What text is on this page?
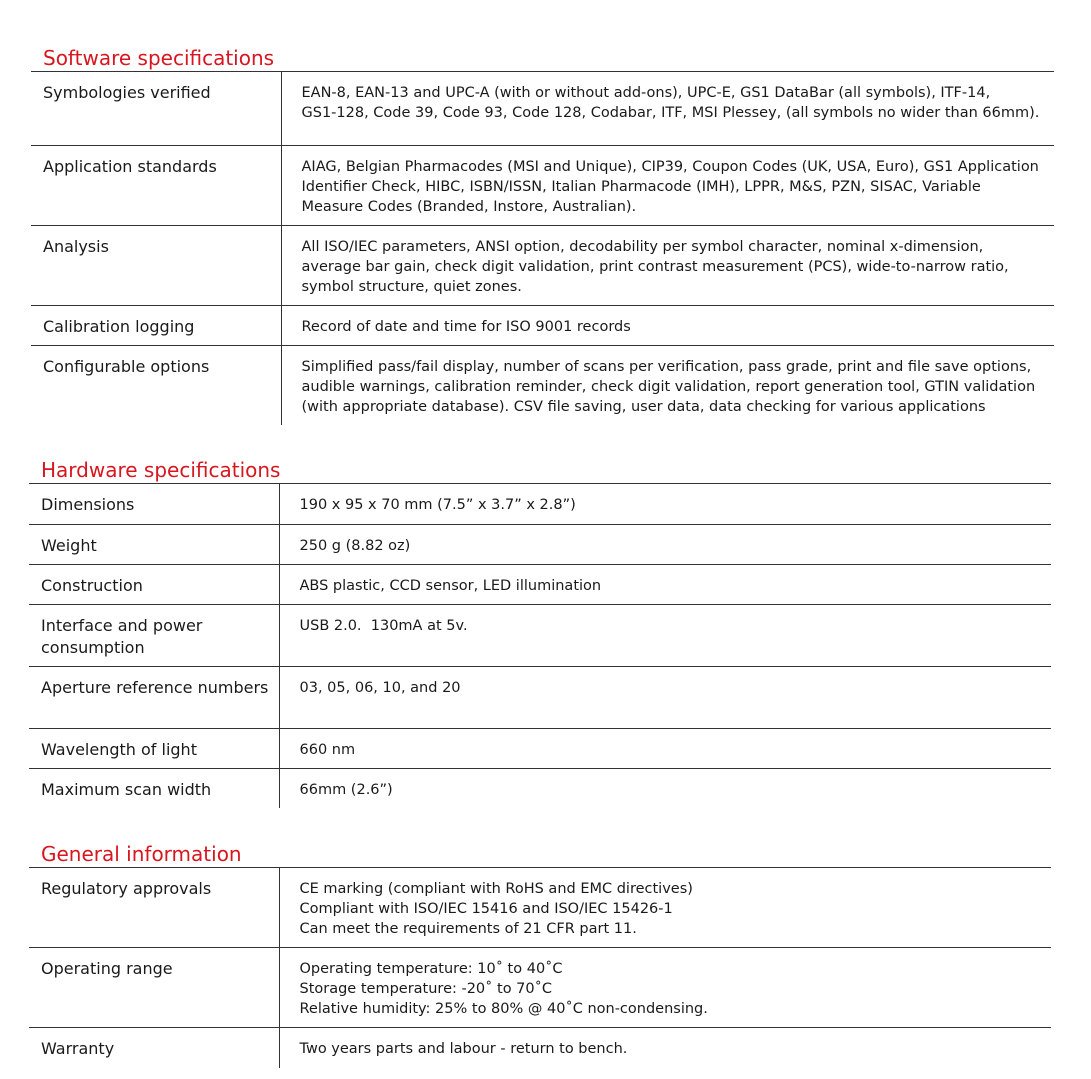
Software specifications
Symbologies verified	EAN-8, EAN-13 and UPC-A (with or without add-ons), UPC-E, GS1 DataBar (all symbols), ITF-14,
GS1-128, Code 39, Code 93, Code 128, Codabar, ITF, MSI Plessey, (all symbols no wider than 66mm).

Application standards	AIAG, Belgian Pharmacodes (MSI and Unique), CIP39, Coupon Codes (UK, USA, Euro), GS1 Application
Identifier Check, HIBC, ISBN/ISSN, Italian Pharmacode (IMH), LPPR, M&S, PZN, SISAC, Variable
Measure Codes (Branded, Instore, Australian).

Analysis	All ISO/IEC parameters, ANSI option, decodability per symbol character, nominal x-dimension,
average bar gain, check digit validation, print contrast measurement (PCS), wide-to-narrow ratio,
symbol structure, quiet zones.

Calibration logging	Record of date and time for ISO 9001 records

Configurable options	Simplified pass/fail display, number of scans per verification, pass grade, print and file save options,
audible warnings, calibration reminder, check digit validation, report generation tool, GTIN validation
(with appropriate database). CSV file saving, user data, data checking for various applications
Hardware specifications
Dimensions	190 x 95 x 70 mm (7.5” x 3.7” x 2.8”)

Weight	250 g (8.82 oz)

Construction	ABS plastic, CCD sensor, LED illumination

Interface and power consumption	USB 2.0.  130mA at 5v.

Aperture reference numbers	03, 05, 06, 10, and 20

Wavelength of light	660 nm

Maximum scan width	66mm (2.6”)
General information
Regulatory approvals	CE marking (compliant with RoHS and EMC directives)
Compliant with ISO/IEC 15416 and ISO/IEC 15426-1
Can meet the requirements of 21 CFR part 11.

Operating range	Operating temperature: 10˚ to 40˚C
Storage temperature: -20˚ to 70˚C
Relative humidity: 25% to 80% @ 40˚C non-condensing.

Warranty	Two years parts and labour - return to bench.
